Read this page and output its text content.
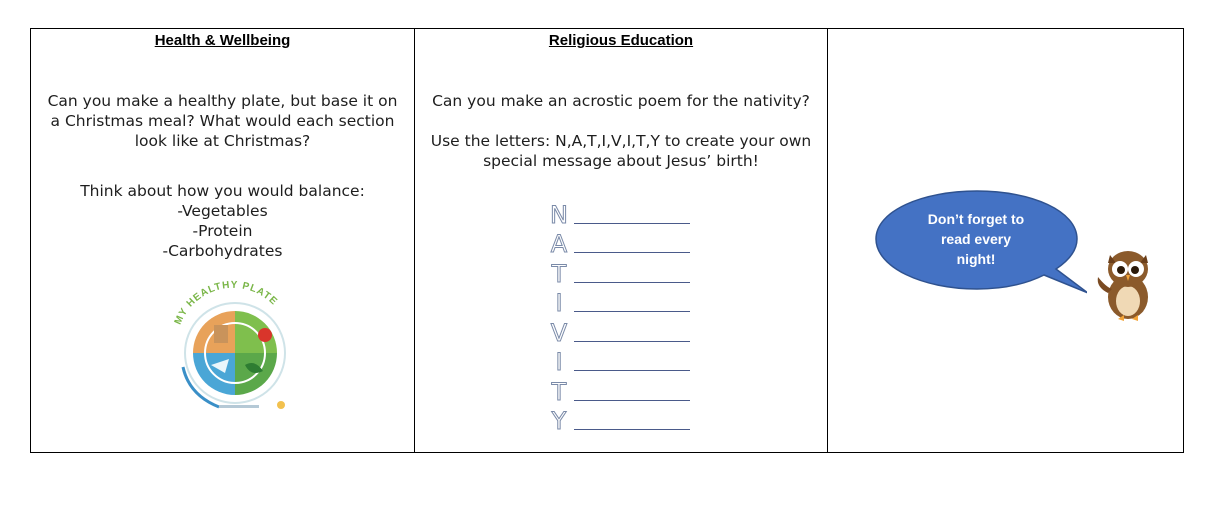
Health & Wellbeing
Can you make a healthy plate, but base it on
a Christmas meal? What would each section
look like at Christmas?
Think about how you would balance:
-Vegetables
-Protein
-Carbohydrates
MY HEALTHY PLATE
Religious Education
Can you make an acrostic poem for the nativity?
Use the letters: N,A,T,I,V,I,T,Y to create your own
special message about Jesus’ birth!
N
A
T
I
V
I
T
Y
Don’t forget to
read every
night!
